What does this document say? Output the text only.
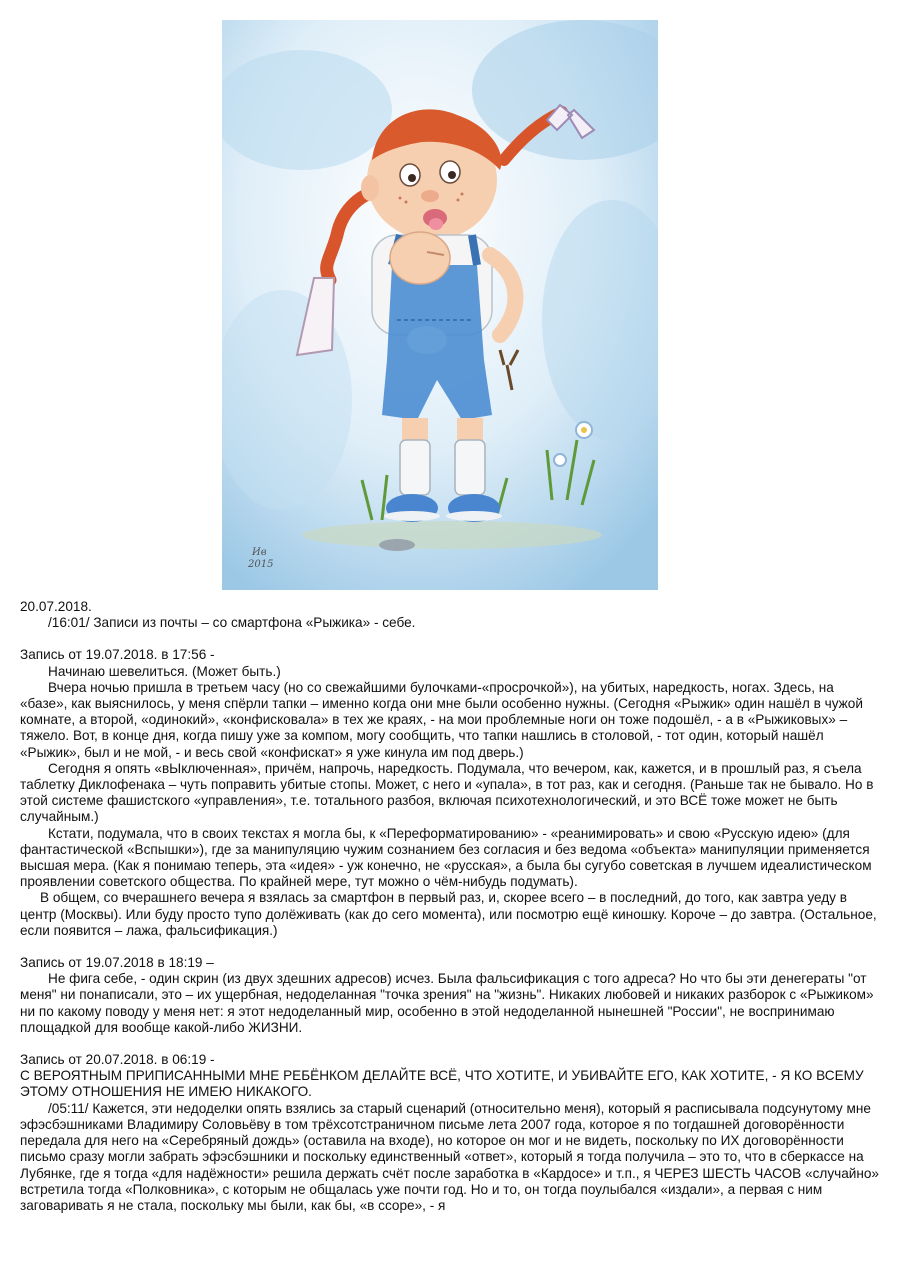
Ив
2015

20.07.2018.

/16:01/ Записи из почты – со смартфона «Рыжика» - себе.

Запись от 19.07.2018. в 17:56 -

Начинаю шевелиться. (Может быть.)

Вчера ночью пришла в третьем часу (но со свежайшими булочками-«просрочкой»), на убитых, наредкость, ногах. Здесь, на «базе», как выяснилось, у меня спёрли тапки – именно когда они мне были особенно нужны. (Сегодня «Рыжик» один нашёл в чужой комнате, а второй, «одинокий», «конфисковала» в тех же краях, - на мои проблемные ноги он тоже подошёл, - а в «Рыжиковых» – тяжело. Вот, в конце дня, когда пишу уже за компом, могу сообщить, что тапки нашлись в столовой, - тот один, который нашёл «Рыжик», был и не мой, - и весь свой «конфискат» я уже кинула им под дверь.)

Сегодня я опять «вЫключенная», причём, напрочь, наредкость. Подумала, что вечером, как, кажется, и в прошлый раз, я съела таблетку Диклофенака – чуть поправить убитые стопы. Может, с него и «упала», в тот раз, как и сегодня. (Раньше так не бывало. Но в этой системе фашистского «управления», т.е. тотального разбоя, включая психотехнологический, и это ВСЁ тоже может не быть случайным.)

Кстати, подумала, что в своих текстах я могла бы, к «Переформатированию» - «реанимировать» и свою «Русскую идею» (для фантастической «Вспышки»), где за манипуляцию чужим сознанием без согласия и без ведома «объекта» манипуляции применяется высшая мера. (Как я понимаю теперь, эта «идея» - уж конечно, не «русская», а была бы сугубо советская в лучшем идеалистическом проявлении советского общества. По крайней мере, тут можно о чём-нибудь подумать).

В общем, со вчерашнего вечера я взялась за смартфон в первый раз, и, скорее всего – в последний, до того, как завтра уеду в центр (Москвы). Или буду просто тупо долёживать (как до сего момента), или посмотрю ещё киношку. Короче – до завтра. (Остальное, если появится – лажа, фальсификация.)

Запись от 19.07.2018 в 18:19 –

Не фига себе, - один скрин (из двух здешних адресов) исчез. Была фальсификация с того адреса? Но что бы эти денегераты "от меня" ни понаписали, это – их ущербная, недоделанная "точка зрения" на "жизнь". Никаких любовей и никаких разборок с «Рыжиком» ни по какому поводу у меня нет: я этот недоделанный мир, особенно в этой недоделанной нынешней "России", не воспринимаю площадкой для вообще какой-либо ЖИЗНИ.

Запись от 20.07.2018. в 06:19 -

С ВЕРОЯТНЫМ ПРИПИСАННЫМИ МНЕ РЕБЁНКОМ ДЕЛАЙТЕ ВСЁ, ЧТО ХОТИТЕ, И УБИВАЙТЕ ЕГО, КАК ХОТИТЕ, - Я КО ВСЕМУ ЭТОМУ ОТНОШЕНИЯ НЕ ИМЕЮ НИКАКОГО.

/05:11/ Кажется, эти недоделки опять взялись за старый сценарий (относительно меня), который я расписывала подсунутому мне эфэсбэшниками Владимиру Соловьёву в том трёхсотстраничном письме лета 2007 года, которое я по тогдашней договорённости передала для него на «Серебряный дождь» (оставила на входе), но которое он мог и не видеть, поскольку по ИХ договорённости письмо сразу могли забрать эфэсбэшники и поскольку единственный «ответ», который я тогда получила – это то, что в сберкассе на Лубянке, где я тогда «для надёжности» решила держать счёт после заработка в «Кардосе» и т.п., я ЧЕРЕЗ ШЕСТЬ ЧАСОВ «случайно» встретила тогда «Полковника», с которым не общалась уже почти год. Но и то, он тогда поулыбался «издали», а первая с ним заговаривать я не стала, поскольку мы были, как бы, «в ссоре», - я
